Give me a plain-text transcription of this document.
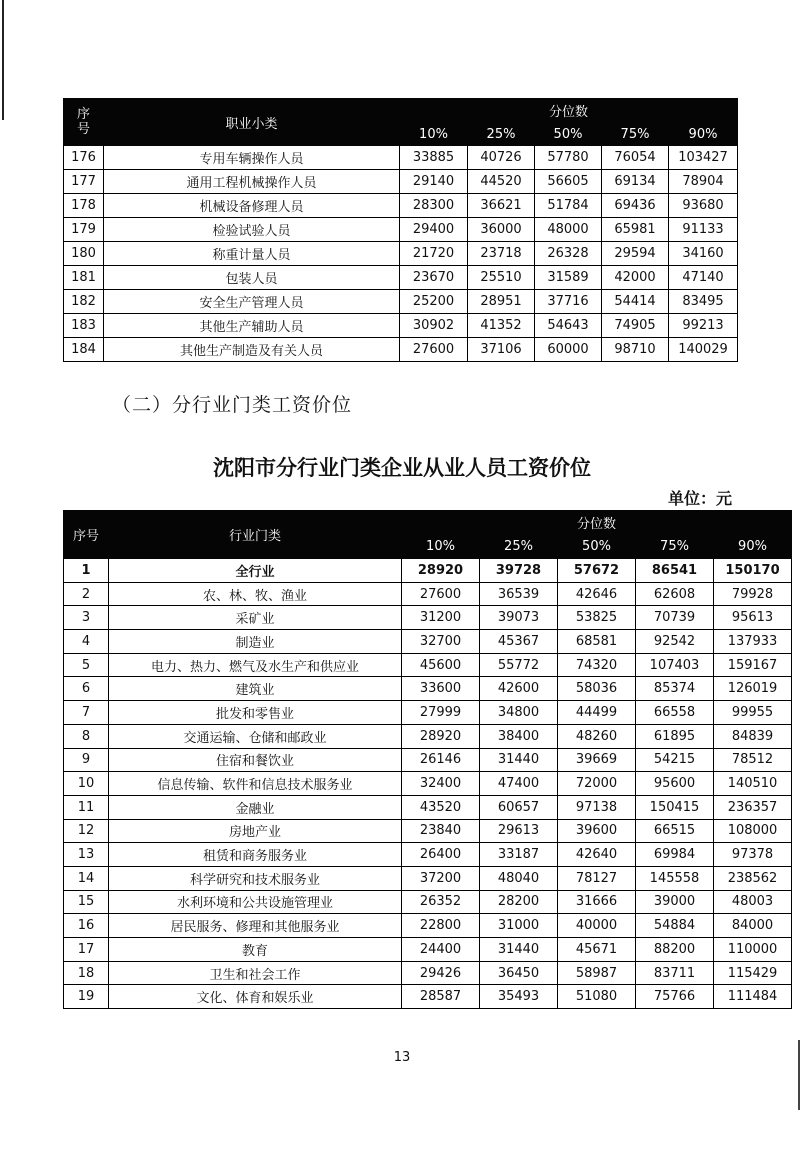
序号	职业小类	分位数				
		10%	25%	50%	75%	90%
176	专用车辆操作人员	33885	40726	57780	76054	103427
177	通用工程机械操作人员	29140	44520	56605	69134	78904
178	机械设备修理人员	28300	36621	51784	69436	93680
179	检验试验人员	29400	36000	48000	65981	91133
180	称重计量人员	21720	23718	26328	29594	34160
181	包装人员	23670	25510	31589	42000	47140
182	安全生产管理人员	25200	28951	37716	54414	83495
183	其他生产辅助人员	30902	41352	54643	74905	99213
184	其他生产制造及有关人员	27600	37106	60000	98710	140029
（二）分行业门类工资价位
沈阳市分行业门类企业从业人员工资价位
单位：元
序号	行业门类	分位数				
		10%	25%	50%	75%	90%
1	全行业	28920	39728	57672	86541	150170
2	农、林、牧、渔业	27600	36539	42646	62608	79928
3	采矿业	31200	39073	53825	70739	95613
4	制造业	32700	45367	68581	92542	137933
5	电力、热力、燃气及水生产和供应业	45600	55772	74320	107403	159167
6	建筑业	33600	42600	58036	85374	126019
7	批发和零售业	27999	34800	44499	66558	99955
8	交通运输、仓储和邮政业	28920	38400	48260	61895	84839
9	住宿和餐饮业	26146	31440	39669	54215	78512
10	信息传输、软件和信息技术服务业	32400	47400	72000	95600	140510
11	金融业	43520	60657	97138	150415	236357
12	房地产业	23840	29613	39600	66515	108000
13	租赁和商务服务业	26400	33187	42640	69984	97378
14	科学研究和技术服务业	37200	48040	78127	145558	238562
15	水利环境和公共设施管理业	26352	28200	31666	39000	48003
16	居民服务、修理和其他服务业	22800	31000	40000	54884	84000
17	教育	24400	31440	45671	88200	110000
18	卫生和社会工作	29426	36450	58987	83711	115429
19	文化、体育和娱乐业	28587	35493	51080	75766	111484
13
